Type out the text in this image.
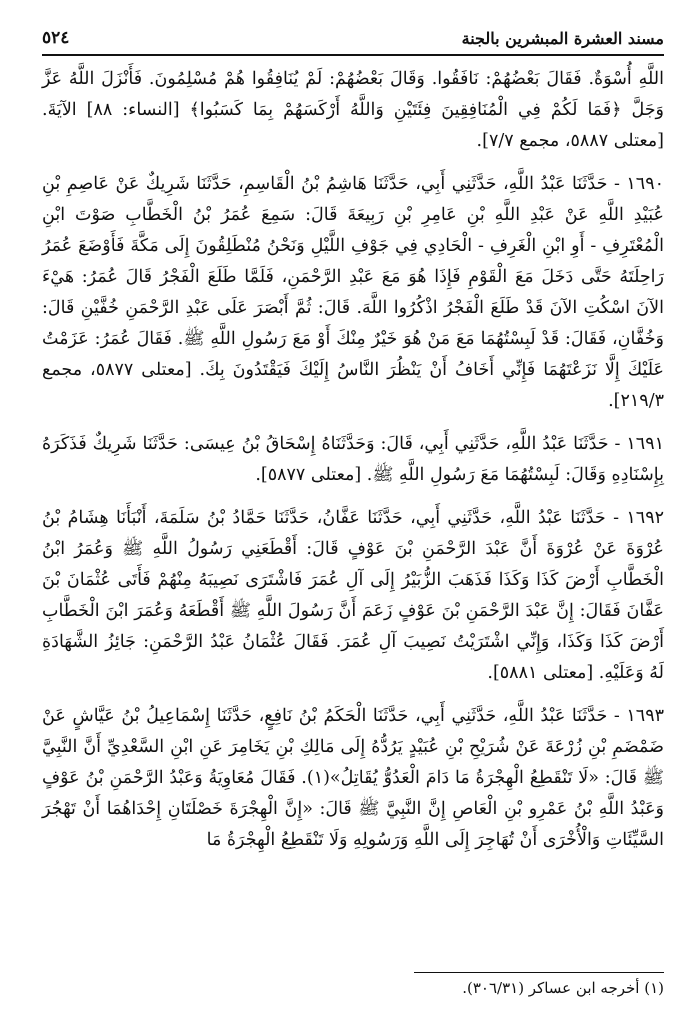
مسند العشرة المبشرين بالجنة
٥٢٤

اللَّهِ أُسْوَةٌ. فَقَالَ بَعْضُهُمْ: نَافَقُوا. وَقَالَ بَعْضُهُمْ: لَمْ يُنَافِقُوا هُمْ مُسْلِمُونَ. فَأَنْزَلَ اللَّهُ عَزَّ وَجَلَّ ﴿فَمَا لَكُمْ فِي الْمُنَافِقِينَ فِئَتَيْنِ وَاللَّهُ أَرْكَسَهُمْ بِمَا كَسَبُوا﴾ [النساء: ٨٨] الآيَةَ. [معتلى ٥٨٨٧، مجمع ٧/٧].

١٦٩٠ - حَدَّثَنَا عَبْدُ اللَّهِ، حَدَّثَنِي أَبِي، حَدَّثَنَا هَاشِمُ بْنُ الْقَاسِمِ، حَدَّثَنَا شَرِيكٌ عَنْ عَاصِمِ بْنِ عُبَيْدِ اللَّهِ عَنْ عَبْدِ اللَّهِ بْنِ عَامِرِ بْنِ رَبِيعَةَ قَالَ: سَمِعَ عُمَرُ بْنُ الْخَطَّابِ صَوْتَ ابْنِ الْمُعْتَرِفِ - أَوِ ابْنِ الْغَرِفِ - الْحَادِي فِي جَوْفِ اللَّيْلِ وَنَحْنُ مُنْطَلِقُونَ إِلَى مَكَّةَ فَأَوْضَعَ عُمَرُ رَاحِلَتَهُ حَتَّى دَخَلَ مَعَ الْقَوْمِ فَإِذَا هُوَ مَعَ عَبْدِ الرَّحْمَنِ، فَلَمَّا طَلَعَ الْفَجْرُ قَالَ عُمَرُ: هَيْءَ الآنَ اسْكُتِ الآنَ قَدْ طَلَعَ الْفَجْرُ اذْكُرُوا اللَّهَ. قَالَ: ثُمَّ أَبْصَرَ عَلَى عَبْدِ الرَّحْمَنِ خُفَّيْنِ قَالَ: وَخُفَّانِ، فَقَالَ: قَدْ لَبِسْتُهُمَا مَعَ مَنْ هُوَ خَيْرٌ مِنْكَ أَوْ مَعَ رَسُولِ اللَّهِ ﷺ. فَقَالَ عُمَرُ: عَزَمْتُ عَلَيْكَ إِلَّا نَزَعْتَهُمَا فَإِنِّي أَخَافُ أَنْ يَنْظُرَ النَّاسُ إِلَيْكَ فَيَقْتَدُونَ بِكَ. [معتلى ٥٨٧٧، مجمع ٢١٩/٣].

١٦٩١ - حَدَّثَنَا عَبْدُ اللَّهِ، حَدَّثَنِي أَبِي، قَالَ: وَحَدَّثَنَاهُ إِسْحَاقُ بْنُ عِيسَى: حَدَّثَنَا شَرِيكٌ فَذَكَرَهُ بِإِسْنَادِهِ وَقَالَ: لَبِسْتُهُمَا مَعَ رَسُولِ اللَّهِ ﷺ. [معتلى ٥٨٧٧].

١٦٩٢ - حَدَّثَنَا عَبْدُ اللَّهِ، حَدَّثَنِي أَبِي، حَدَّثَنَا عَفَّانُ، حَدَّثَنَا حَمَّادُ بْنُ سَلَمَةَ، أَنْبَأَنَا هِشَامُ بْنُ عُرْوَةَ عَنْ عُرْوَةَ أَنَّ عَبْدَ الرَّحْمَنِ بْنَ عَوْفٍ قَالَ: أَقْطَعَنِي رَسُولُ اللَّهِ ﷺ وَعُمَرُ ابْنُ الْخَطَّابِ أَرْضَ كَذَا وَكَذَا فَذَهَبَ الزُّبَيْرُ إِلَى آلِ عُمَرَ فَاشْتَرَى نَصِيبَهُ مِنْهُمْ فَأَتَى عُثْمَانَ بْنَ عَفَّانَ فَقَالَ: إِنَّ عَبْدَ الرَّحْمَنِ بْنَ عَوْفٍ زَعَمَ أَنَّ رَسُولَ اللَّهِ ﷺ أَقْطَعَهُ وَعُمَرَ ابْنَ الْخَطَّابِ أَرْضَ كَذَا وَكَذَا، وَإِنِّي اشْتَرَيْتُ نَصِيبَ آلِ عُمَرَ. فَقَالَ عُثْمَانُ عَبْدُ الرَّحْمَنِ: جَائِزُ الشَّهَادَةِ لَهُ وَعَلَيْهِ. [معتلى ٥٨٨١].

١٦٩٣ - حَدَّثَنَا عَبْدُ اللَّهِ، حَدَّثَنِي أَبِي، حَدَّثَنَا الْحَكَمُ بْنُ نَافِعٍ، حَدَّثَنَا إِسْمَاعِيلُ بْنُ عَيَّاشٍ عَنْ ضَمْضَمِ بْنِ زُرْعَةَ عَنْ شُرَيْحِ بْنِ عُبَيْدٍ يَرُدُّهُ إِلَى مَالِكِ بْنِ يَخَامِرَ عَنِ ابْنِ السَّعْدِيِّ أَنَّ النَّبِيَّ ﷺ قَالَ: «لَا تَنْقَطِعُ الْهِجْرَةُ مَا دَامَ الْعَدُوُّ يُقَاتِلُ»(١). فَقَالَ مُعَاوِيَةُ وَعَبْدُ الرَّحْمَنِ بْنُ عَوْفٍ وَعَبْدُ اللَّهِ بْنُ عَمْرِو بْنِ الْعَاصِ إِنَّ النَّبِيَّ ﷺ قَالَ: «إِنَّ الْهِجْرَةَ خَصْلَتَانِ إِحْدَاهُمَا أَنْ تَهْجُرَ السَّيِّئَاتِ وَالْأُخْرَى أَنْ تُهَاجِرَ إِلَى اللَّهِ وَرَسُولِهِ وَلَا تَنْقَطِعُ الْهِجْرَةُ مَا

(١) أخرجه ابن عساكر (٣٠٦/٣١).
